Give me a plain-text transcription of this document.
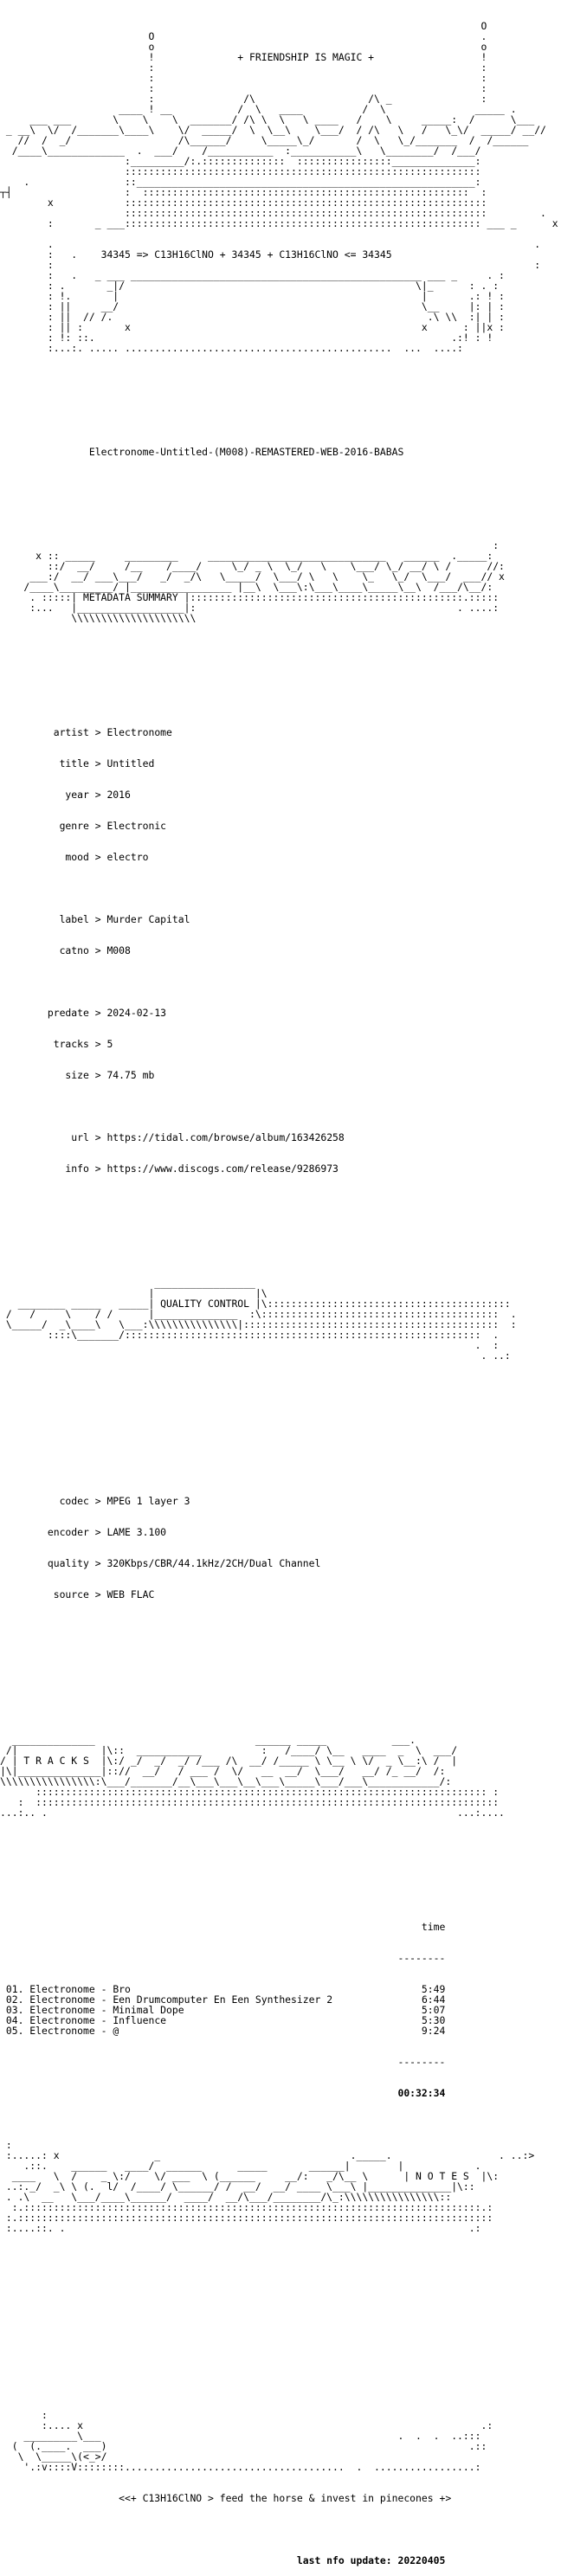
O
O                                                       .
o                                                       o
!              + FRIENDSHIP IS MAGIC +                  !
:                                                       :
:                                                       :
:                                                       :
:               /\                   /\ _               :
____ ! __           /  \   ____          /  \               _____ .
___ ___       \    \    \  _______/ /\ \  \   \ ____   /    \     _____:  /      \___
_ __\  \/  /_______\____\    \/  _____/  \  \__\    \___/  / /\   \   /   \_\/  _____/ __//
//  /  _/                  /\______/     \_____\_/       /  \   \_/_______  /  /______
/____\_____________  .  ___/    /___________  :___________\   \________/  /___/
:_________/:.::::::::::::::  ::::::::::::::::______________:
::::::::::::::::::::::::::::::::::::::::::::::::::::::::::::
.                ::_________________________________________________________:
┬┤                   :  :::::::::::::::::::::::::::::::::::::::::::::::::::::::  :
x            :::::::::::::::::::::::::::::::::::::::::::::::::::::::::::::
:::::::::::::::::::::::::::::::::::::::::::::::::::::::::::::         .
:       _ ___:::::::::::::::::::::::::::::::::::::::::::::::::::::::::::: ___ _      x
.                                                                                 .
:   .    34345 => C13H16ClNO + 34345 + C13H16ClNO <= 34345
:                                                                                 :
:   .   _ ___ _________________________________________________ ___ _     . :
: .       _|/                                                 \|_      : . :
: !.       |                                                   |       .: ! :
: ||     __/                                                   \__     |: | :
: ||  // /.                                                     .\ \\  :| | :
: || :       x                                                 x      : ||x :
: !: ::.                                                            .:! : !
:...:. ..... .............................................  ...  ....:

Electronome-Untitled-(M008)-REMASTERED-WEB-2016-BABAS

:
x :: _____     _________     ______________________________   ______  ._____:
::/  __/     /__    /____/     \_/ _ \  \_/   \    \___/ \_/ __/ \ /      //:
___:/  __/ ___\___/   _/  _/\   \_____/  \___/ \   \    \_   \_/  \___/  ___// x
/____\_________/ |_________________ |__\  \___\:\___\____\_____\__\  /___/\__/:
. :::::| METADATA SUMMARY |::::::::::::::::::::::::::::::::::::::::::::::.:::::
:...   |__________________|:                                            . ....:
\\\\\\\\\\\\\\\\\\\\\

artist > Electronome

title > Untitled

year > 2016

genre > Electronic

mood > electro

label > Murder Capital

catno > M008

predate > 2024-02-13

tracks > 5

size > 74.75 mb

url > https://tidal.com/browse/album/163426258

info > https://www.discogs.com/release/9286973

_________________
|                 |\
________ _____   _____| QUALITY CONTROL |\:::::::::::::::::::::::::::::::::::::::::
/   /     \    / /      |______________  :\::::::::::::::::::::::::::::::::::::::::  .
\_____/  _\____\   \___:\\\\\\\\\\\\\\\|:::::::::::::::::::::::::::::::::::::::::::  :
::::\_______/::::::::::::::::::::::::::::::::::::::::::::::::::::::::::::  .
.  :
. ..:

codec > MPEG 1 layer 3

encoder > LAME 3.100

quality > 320Kbps/CBR/44.1kHz/2CH/Dual Channel

source > WEB FLAC

______________                           ______ _____           ___.
/|              |\::  ___________          :   /____/ \__   ____  _  \  ___/
/ | T R A C K S  |\:/ _/  _/  _/ /___ /\  __/ /_____ \ \__ \ \/  _ \__:\ /  |
|\|______________|:://  __/   / ___ /  \/   __  __/  \___/   __/ /_ __/  /:
\\\\\\\\\\\\\\\\:\___/_______/__\___\___\__\___\_____\___/___\____________/:
:::::::::::::::::::::::::::::::::::::::::::::::::::::::::::::::::::::::::::: :
:  ::::::::::::::::::::::::::::::::::::::::::::::::::::::::::::::::::::::::::::::
...:.. .                                                                     ...:....

time

--------

01. Electronome - Bro	5:49
02. Electronome - Een Drumcomputer En Een Synthesizer 2	6:44
03. Electronome - Minimal Dope	5:07
04. Electronome - Influence	5:30
05. Electronome - @	9:24

--------

00:32:34

:
:.....: x                _                                ._____.                  . ..:>
.::.    ______   ____/  ______      _____       ______|        |            .
____   \  /    _ \:/    \/ ___  \ (______     __/:   _/\__ \      | N O T E S  |\:
..:._/  _\ \ (.  l/  /____/ \______/ /  __/  __/ ____ \___\ |______________|\::
. .\  __   \___/____\______/  ____/  __/\___/________/\_:\\\\\\\\\\\\\\\\::
:.:::::::::::::::::::::::::::::::::::::::::::::::::::::::::::::::::::::::::::::.:
:.::::::::::::::::::::::::::::::::::::::::::::::::::::::::::::::::::::::::::::::::
:....::. .                                                                    .:

:
:.... x                                                                   .:
_________\___                                                  .  .  .  ..:::
(  (.____.  ___)                                                             .::
\  \_____\(<_>/
'.:v::::V::::::::.....................................  .  .................:

<<+ C13H16ClNO > feed the horse & invest in pinecones +>

last nfo update: 20220405
